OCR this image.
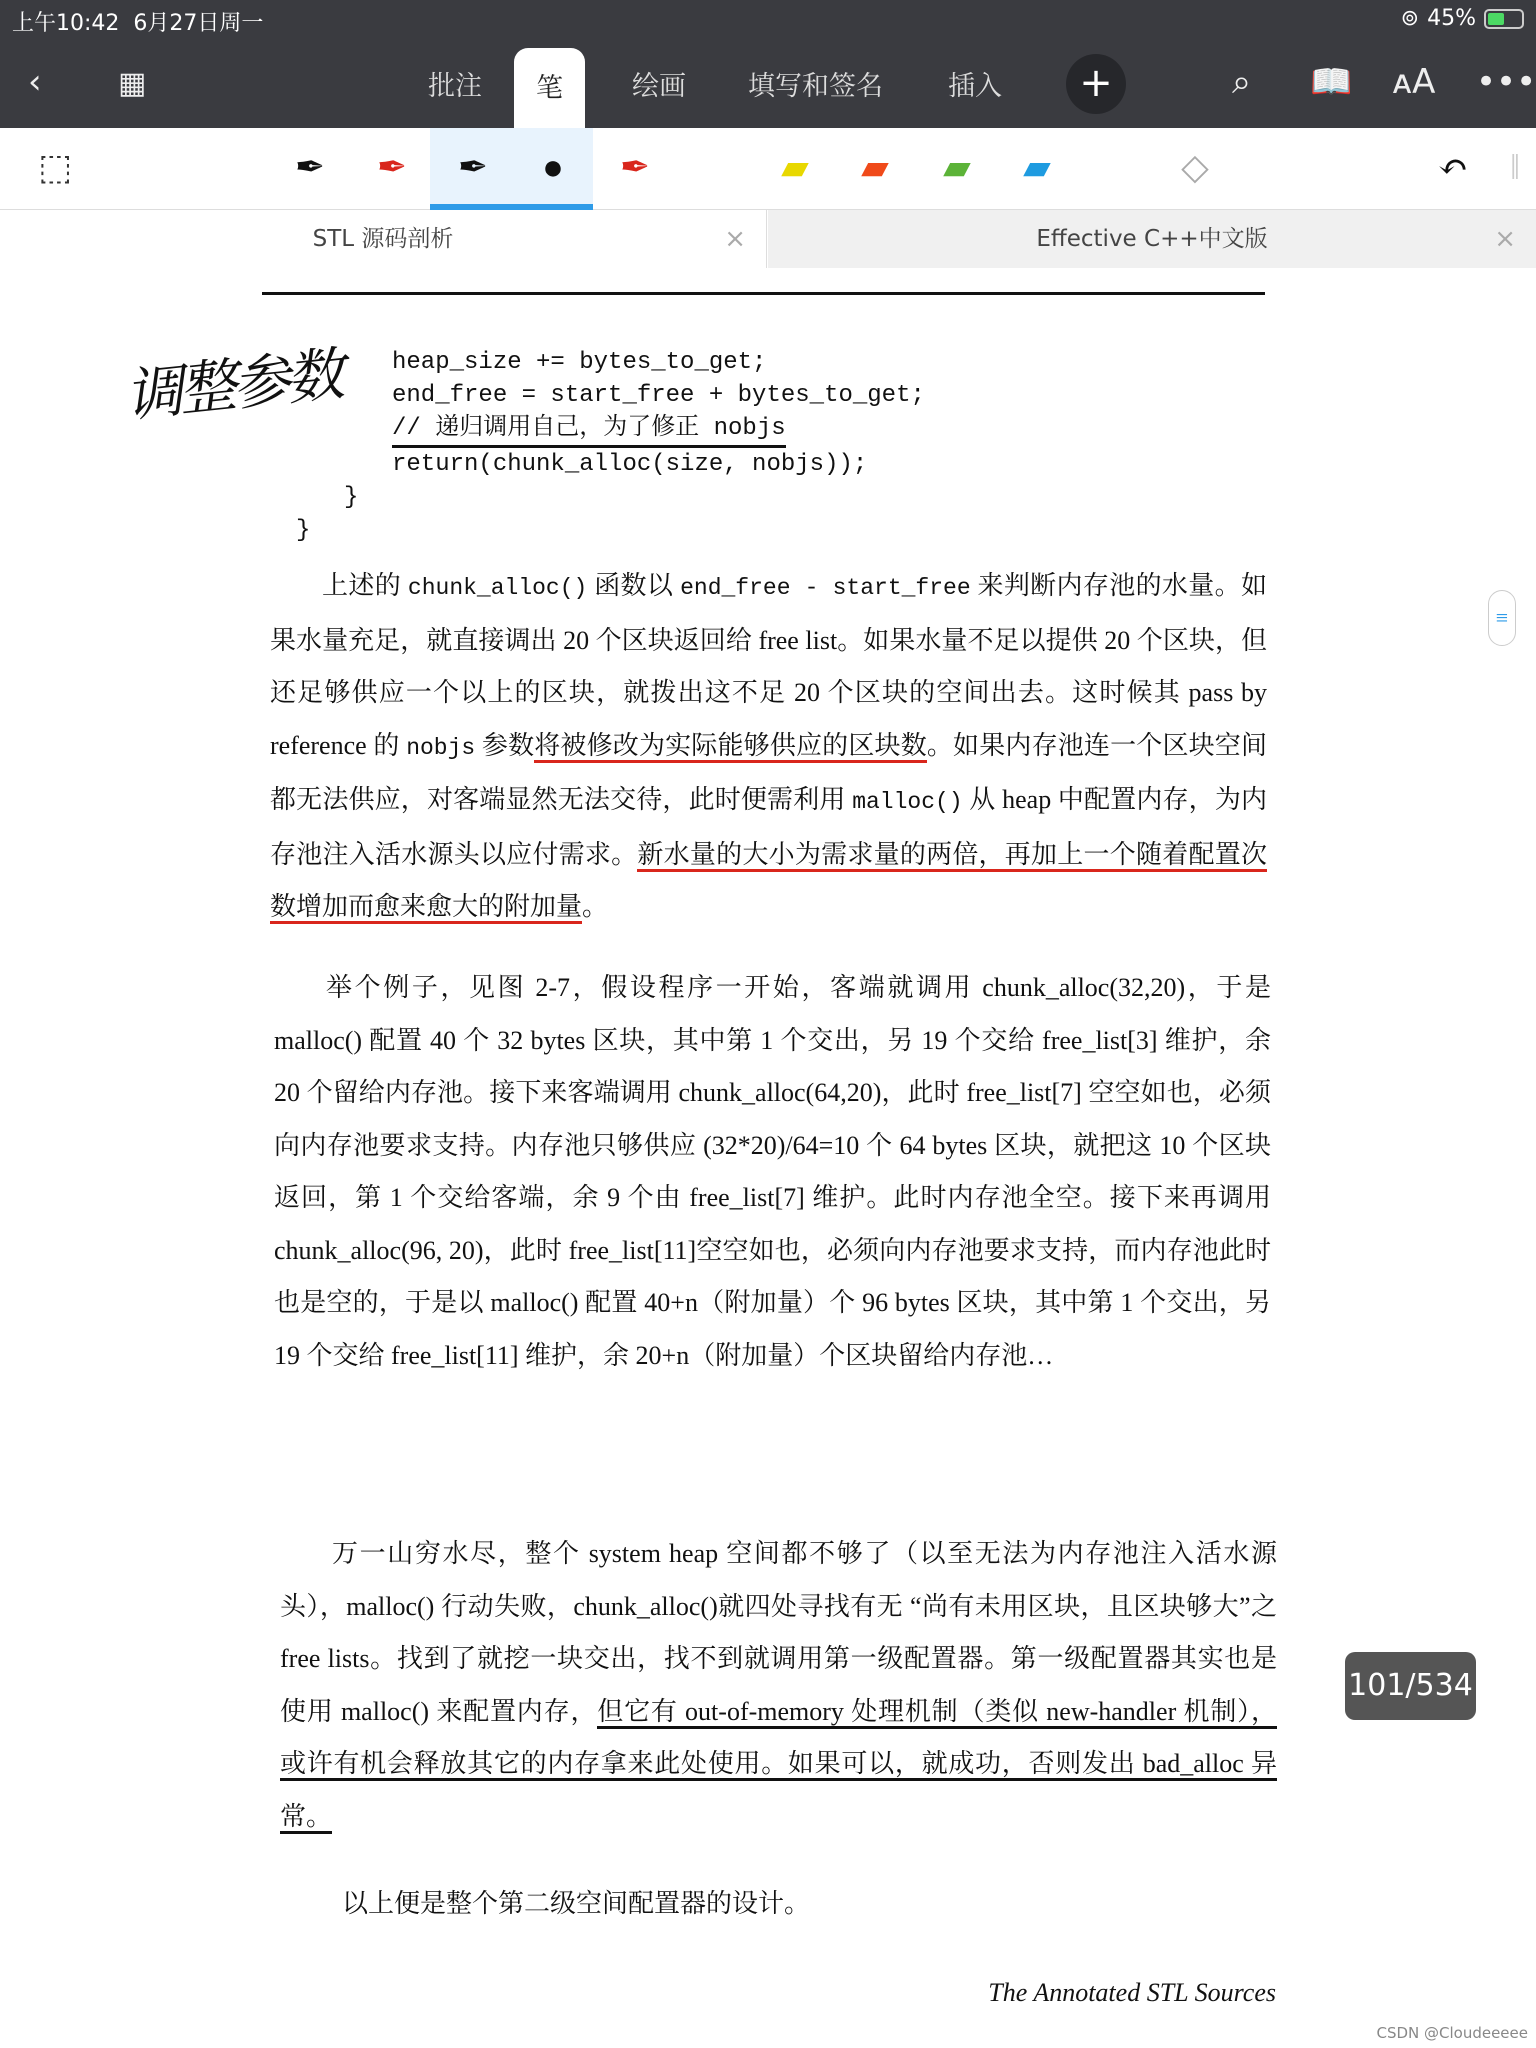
上午10:42 6月27日周一	⊚ 45%
‹	▦	批注	笔	绘画 填写和签名 插入	+	⌕ 📖 ᴀA •••
⬚	✒ ✒ ✒	●	✒	▰	▰	▰	▰	◇	↶	‖
STL 源码剖析	×	Effective C++中文版	×
调整参数 heap_size += bytes_to_get;
end_free = start_free + bytes_to_get;
// 递归调用自己，为了修正 nobjs
return(chunk_alloc(size, nobjs));
}
}
上述的 chunk_alloc() 函数以 end_free - start_free 来判断内存池的水量。如果水量充足，就直接调出 20 个区块返回给 free list。如果水量不足以提供 20 个区块，但还足够供应一个以上的区块，就拨出这不足 20 个区块的空间出去。这时候其 pass by reference 的 nobjs 参数将被修改为实际能够供应的区块数。如果内存池连一个区块空间都无法供应，对客端显然无法交待，此时便需利用 malloc() 从 heap 中配置内存，为内存池注入活水源头以应付需求。新水量的大小为需求量的两倍，再加上一个随着配置次数增加而愈来愈大的附加量。
举个例子，见图 2-7，假设程序一开始，客端就调用 chunk_alloc(32,20)，于是 malloc() 配置 40 个 32 bytes 区块，其中第 1 个交出，另 19 个交给 free_list[3] 维护，余 20 个留给内存池。接下来客端调用 chunk_alloc(64,20)，此时 free_list[7] 空空如也，必须向内存池要求支持。内存池只够供应 (32*20)/64=10 个 64 bytes 区块，就把这 10 个区块返回，第 1 个交给客端，余 9 个由 free_list[7] 维护。此时内存池全空。接下来再调用 chunk_alloc(96, 20)，此时 free_list[11]空空如也，必须向内存池要求支持，而内存池此时也是空的，于是以 malloc() 配置 40+n（附加量）个 96 bytes 区块，其中第 1 个交出，另 19 个交给 free_list[11] 维护，余 20+n（附加量）个区块留给内存池…
万一山穷水尽，整个 system heap 空间都不够了（以至无法为内存池注入活水源头），malloc() 行动失败，chunk_alloc()就四处寻找有无 “尚有未用区块，且区块够大”之 free lists。找到了就挖一块交出，找不到就调用第一级配置器。第一级配置器其实也是使用 malloc() 来配置内存，但它有 out-of-memory 处理机制（类似 new-handler 机制），或许有机会释放其它的内存拿来此处使用。如果可以，就成功，否则发出 bad_alloc 异常。
以上便是整个第二级空间配置器的设计。
The Annotated STL Sources
≡
101/534
CSDN @Cloudeeeee
